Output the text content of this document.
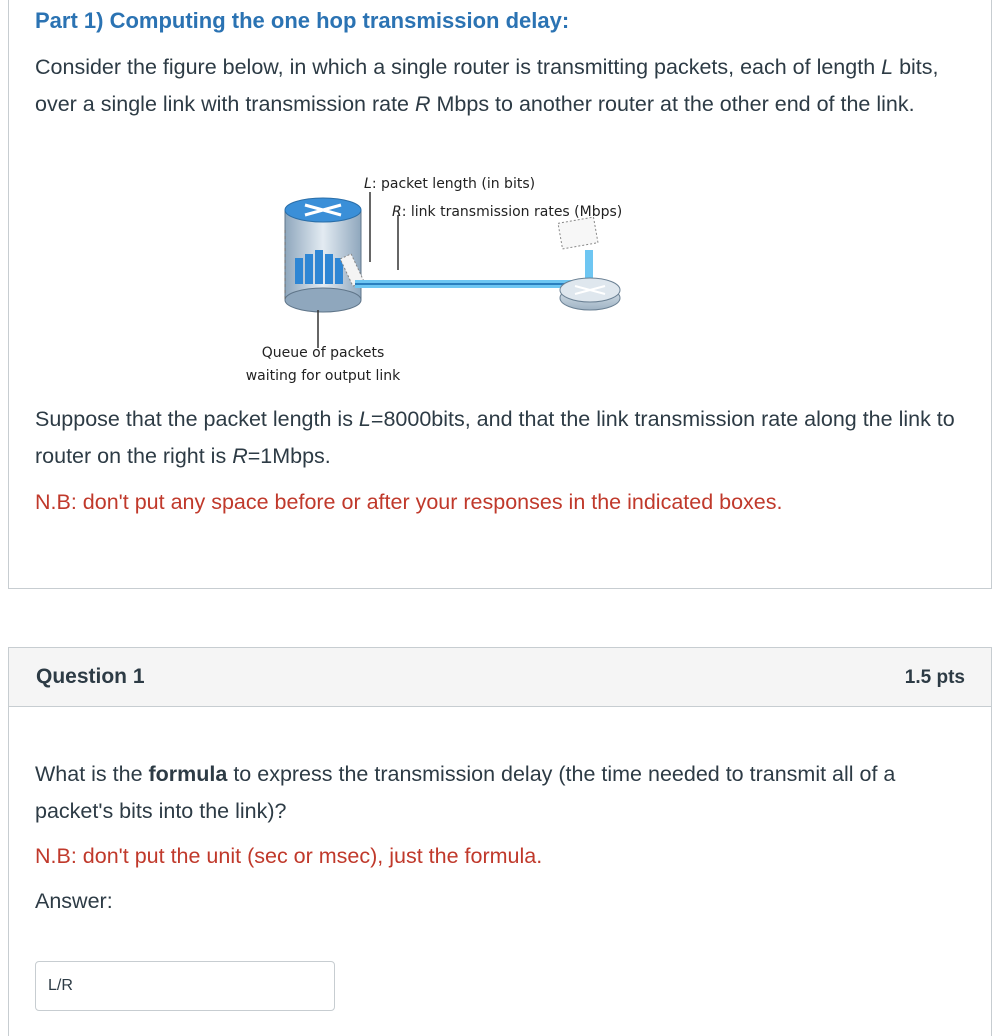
Part 1) Computing the one hop transmission delay:

Consider the figure below, in which a single router is transmitting packets, each of length L bits, over a single link with transmission rate R Mbps to another router at the other end of the link.

L: packet length (in bits)
R: link transmission rates (Mbps)
Queue of packets
waiting for output link

Suppose that the packet length is L=8000bits, and that the link transmission rate along the link to router on the right is R=1Mbps.

N.B: don't put any space before or after your responses in the indicated boxes.

Question 1	1.5 pts

What is the formula to express the transmission delay (the time needed to transmit all of a packet's bits into the link)?

N.B: don't put the unit (sec or msec), just the formula.

Answer:

L/R
